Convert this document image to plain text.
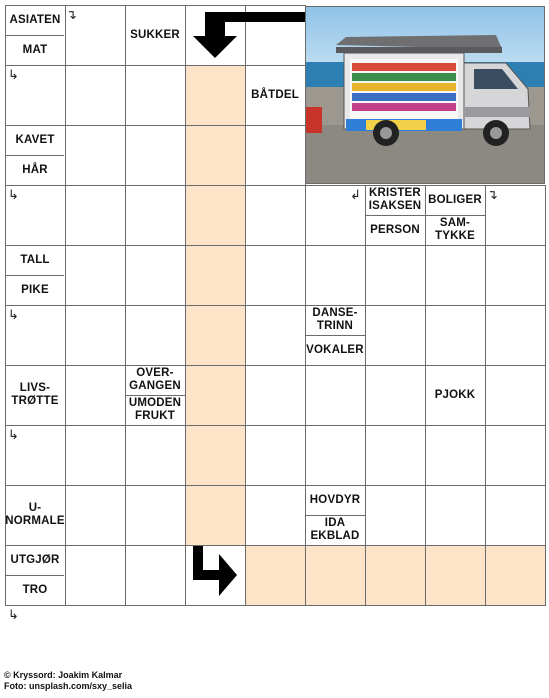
ASIATEN
MAT
SUKKER
BÅTDEL
KAVET
HÅR
KRISTER
ISAKSEN
PERSON
BOLIGER
SAM-
TYKKE
TALL
PIKE
DANSE-
TRINN
VOKALER
LIVS-
TRØTTE
OVER-
GANGEN
UMODEN
FRUKT
PJOKK
U-
NORMALE
HOVDYR
IDA
EKBLAD
UTGJØR
TRO
↴
↳
↳	↲	↴
↳
↳
↳
© Kryssord: Joakim Kalmar
Foto: unsplash.com/sxy_selia
